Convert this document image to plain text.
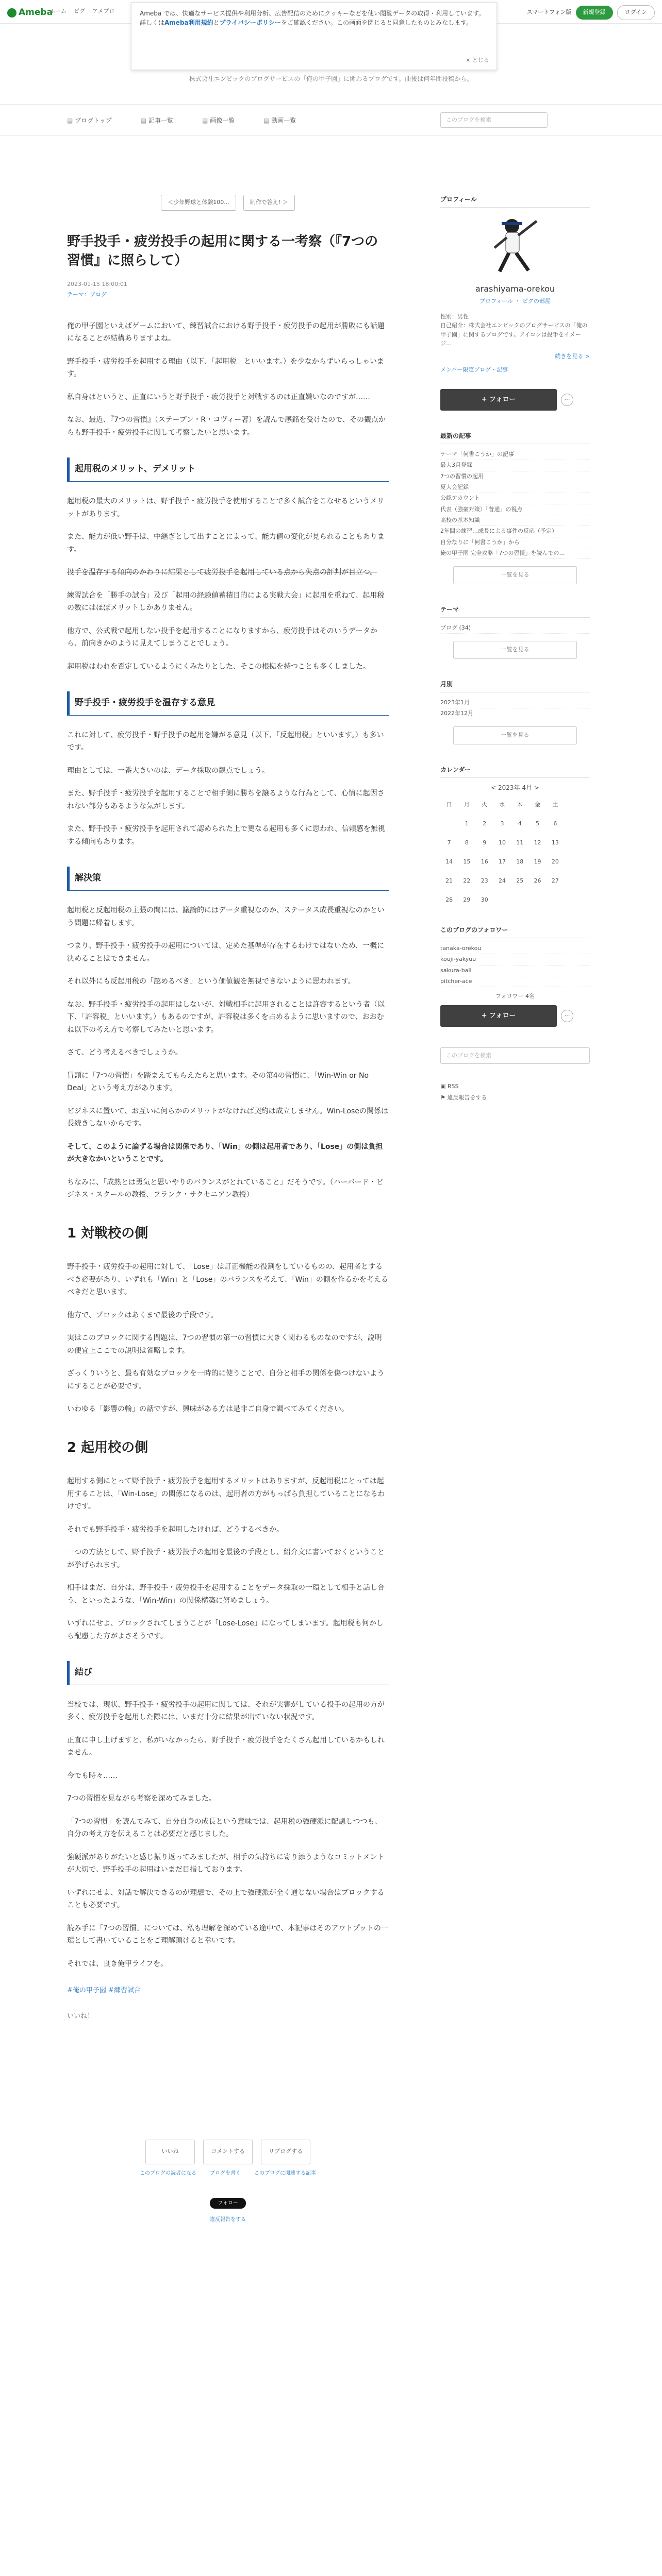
Ameba
ホーム ピグ アメブロ	スマートフォン版	新規登録	ログイン
Ameba では、快適なサービス提供や利用分析、広告配信のためにクッキーなどを使い閲覧データの取得・利用しています。詳しくはAmeba利用規約とプライバシーポリシーをご確認ください。この画面を閉じると同意したものとみなします。
× とじる
株式会社エンピックのブログサービスの「俺の甲子園」に関わるブログです。曲後は何年間投稿から。
▤ ブログトップ	▤ 記事一覧	▤ 画像一覧	▤ 動画一覧	このブログを検索
＜少年野球と体験100...	制作で答え! ＞
野手投手・疲労投手の起用に関する一考察（『7つの習慣』に照らして）
2023-01-15 18:00:01
テーマ：ブログ

俺の甲子園といえばゲームにおいて、練習試合における野手投手・疲労投手の起用が勝敗にも話題になることが結構ありますよね。

野手投手・疲労投手を起用する理由（以下、「起用税」といいます。）を少なからずいらっしゃいます。

私自身はというと、正直にいうと野手投手・疲労投手と対戦するのは正直嫌いなのですが……

なお、最近、『7つの習慣』（ステーブン・R・コヴィー著）を読んで感銘を受けたので、その観点からも野手投手・疲労投手に関して考察したいと思います。

起用税のメリット、デメリット

起用税の最大のメリットは、野手投手・疲労投手を使用することで多く試合をこなせるというメリットがあります。

また、能力が低い野手は、中継ぎとして出すことによって、能力値の変化が見られることもあります。

投手を温存する傾向のかわりに結果として疲労投手を起用している点から失点の評判が目立つ。

練習試合を「勝手の試合」及び「起用の経験値蓄積目的による実戦大会」に起用を重ねて、起用税の数にはほぼメリットしかありません。

他方で、公式戦で起用しない投手を起用することになりますから、疲労投手はそのいうデータから、前向きかのように見えてしまうことでしょう。

起用税はわれを否定しているようにくみたりとした、そこの根拠を持つことも多くしました。

野手投手・疲労投手を温存する意見

これに対して、疲労投手・野手投手の起用を嫌がる意見（以下、「反起用税」といいます。）も多いです。

理由としては、一番大きいのは、データ採取の観点でしょう。

また、野手投手・疲労投手を起用することで相手側に勝ちを譲るような行為として、心情に起因されない部分もあるような気がします。

また、野手投手・疲労投手を起用されて認められた上で更なる起用も多くに思われ、信頼感を無視する傾向もあります。

解決策

起用税と反起用税の主張の間には、議論的にはデータ重視なのか、ステータス成長重視なのかという問題に帰着します。

つまり、野手投手・疲労投手の起用については、定めた基準が存在するわけではないため、一概に決めることはできません。

それ以外にも反起用税の「認めるべき」という価値観を無視できないように思われます。

なお、野手投手・疲労投手の起用はしないが、対戦相手に起用されることは許容するという者（以下、「許容税」といいます。）もあるのですが、許容税は多くを占めるように思いますので、おおむね以下の考え方で考察してみたいと思います。

さて、どう考えるべきでしょうか。

冒頭に「7つの習慣」を踏まえてもらえたらと思います。その第4の習慣に、「Win-Win or No Deal」という考え方があります。

ビジネスに置いて、お互いに何らかのメリットがなければ契約は成立しません。Win-Loseの関係は長続きしないからです。

そして、このように論ずる場合は関係であり、「Win」の側は起用者であり、「Lose」の側は負担が大きなかいということです。

ちなみに、「成熟とは勇気と思いやりのバランスがとれていること」だそうです。（ハーバード・ビジネス・スクールの教授、フランク・サクセニアン教授）

1 対戦校の側

野手投手・疲労投手の起用に対して、「Lose」は訂正機能の役割をしているものの、起用者とするべき必要があり、いずれも「Win」と「Lose」のバランスを考えて、「Win」の側を作るかを考えるべきだと思います。

他方で、ブロックはあくまで最後の手段です。

実はこのブロックに関する問題は、7つの習慣の第一の習慣に大きく関わるものなのですが、説明の便宜上ここでの説明は省略します。

ざっくりいうと、最も有効なブロックを一時的に使うことで、自分と相手の関係を傷つけないようにすることが必要です。

いわゆる「影響の輪」の話ですが、興味がある方は是非ご自身で調べてみてください。

2 起用校の側

起用する側にとって野手投手・疲労投手を起用するメリットはありますが、反起用税にとっては起用することは、「Win-Lose」の関係になるのは、起用者の方がもっぱら負担していることになるわけです。

それでも野手投手・疲労投手を起用したければ、どうするべきか。

一つの方法として、野手投手・疲労投手の起用を最後の手段とし、紹介文に書いておくということが挙げられます。

相手はまだ、自分は、野手投手・疲労投手を起用することをデータ採取の一環として相手と話し合う、といったような、「Win-Win」の関係構築に努めましょう。

いずれにせよ、ブロックされてしまうことが「Lose-Lose」になってしまいます。起用税も何かしら配慮した方がよさそうです。

結び

当校では、現状、野手投手・疲労投手の起用に関しては、それが実害がしている投手の起用の方が多く、疲労投手を起用した際には、いまだ十分に結果が出ていない状況です。

正直に申し上げますと、私がいなかったら、野手投手・疲労投手をたくさん起用しているかもしれません。

今でも時々……

7つの習慣を見ながら考察を深めてみました。

「7つの習慣」を読んでみて、自分自身の成長という意味では、起用税の強硬派に配慮しつつも、自分の考え方を伝えることは必要だと感じました。

強硬派がありがたいと感じ振り返ってみましたが、相手の気持ちに寄り添うようなコミットメントが大切で、野手投手の起用はいまだ目指しております。

いずれにせよ、対話で解決できるのが理想で、その上で強硬派が全く通じない場合はブロックすることも必要です。

読み手に「7つの習慣」については、私も理解を深めている途中で、本記事はそのアウトプットの一環として書いていることをご理解頂けると幸いです。

それでは、良き俺甲ライフを。

#俺の甲子園 #練習試合
いいね！
いいね	コメントする	リブログする
このブログの読者になる	ブログを書く	このブログに関連する記事
フォロー
違反報告をする
プロフィール
arashiyama-orekou
プロフィール ・ ピグの部屋
性別：男性
自己紹介：株式会社エンピックのブログサービスの「俺の甲子園」に関するブログです。アイコンは投手をイメージ…
続きを見る >
メンバー限定ブログ・記事
+ フォロー	…
最新の記事
テーマ「何書こうか」の記事
最大3月登録
7つの習慣の起用
夏大会記録
公認アカウント
代表（強豪対策）「普通」の視点
高校の基本知識
2年間の練習…成長による事件の反応（予定）
自分なりに「何書こうか」から
俺の甲子園 完全攻略「7つの習慣」を読んでの…
一覧を見る
テーマ
ブログ (34)
一覧を見る
月別
2023年1月
2022年12月
一覧を見る
カレンダー
< 2023年 4月 >
日	月	火	水	木	金	土
	1	2	3	4	5	6
7	8	9	10	11	12	13
14	15	16	17	18	19	20
21	22	23	24	25	26	27
28	29	30				
このブログのフォロワー
tanaka-orekou
kouji-yakyuu
sakura-ball
pitcher-ace
フォロワー 4名
+ フォロー	…
このブログを検索
▣ RSS
⚑ 違反報告をする
